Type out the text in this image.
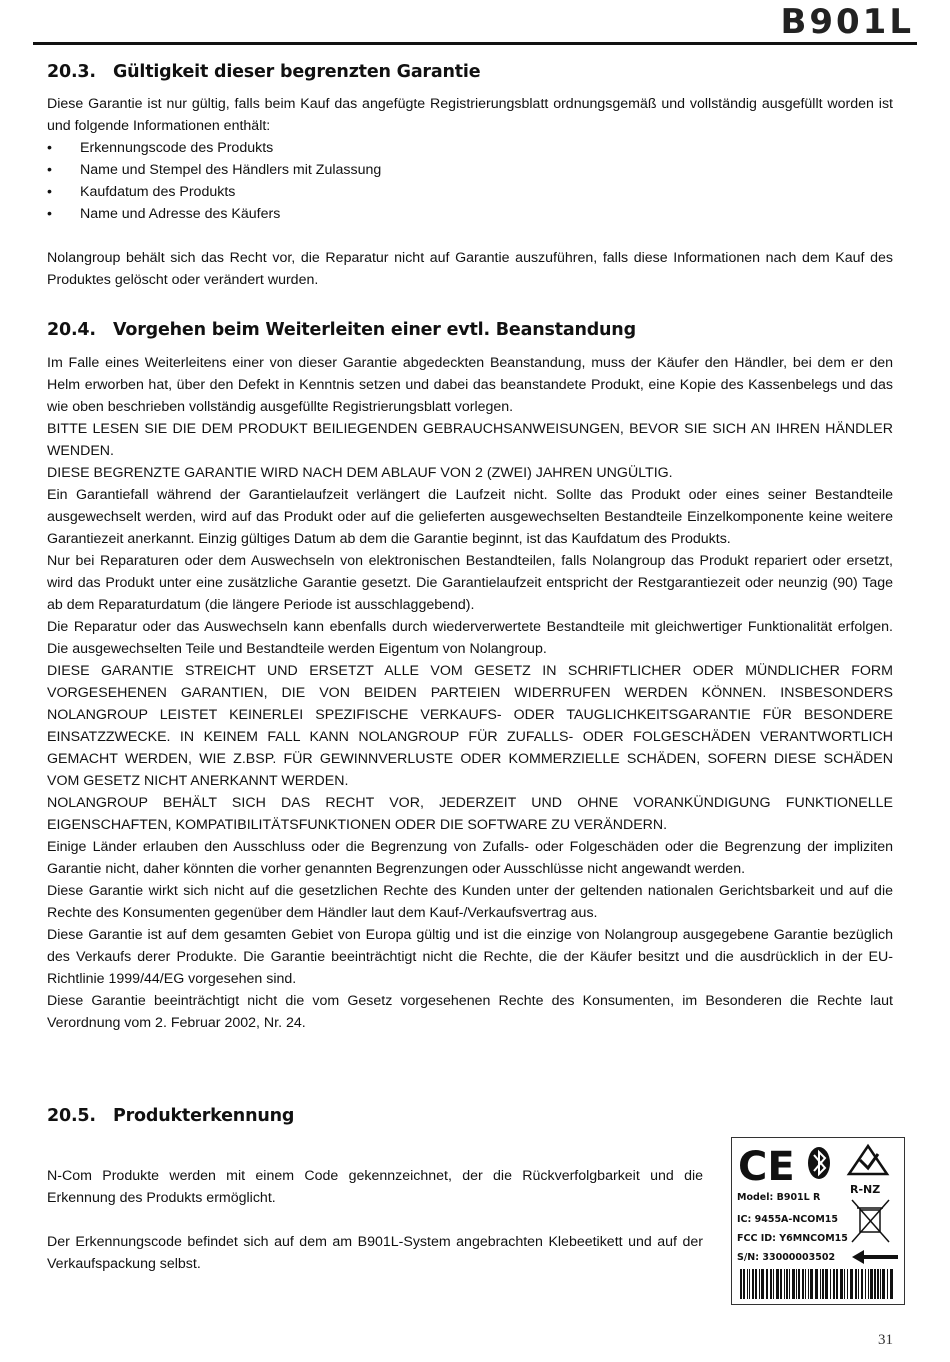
B901L
20.3. Gültigkeit dieser begrenzten Garantie

Diese Garantie ist nur gültig, falls beim Kauf das angefügte Registrierungsblatt ordnungsgemäß und vollständig ausgefüllt worden ist und folgende Informationen enthält:

• Erkennungscode des Produkts
• Name und Stempel des Händlers mit Zulassung
• Kaufdatum des Produkts
• Name und Adresse des Käufers

Nolangroup behält sich das Recht vor, die Reparatur nicht auf Garantie auszuführen, falls diese Informationen nach dem Kauf des Produktes gelöscht oder verändert wurden.

20.4. Vorgehen beim Weiterleiten einer evtl. Beanstandung
Im Falle eines Weiterleitens einer von dieser Garantie abgedeckten Beanstandung, muss der Käufer den Händler, bei dem er den Helm erworben hat, über den Defekt in Kenntnis setzen und dabei das beanstandete Produkt, eine Kopie des Kassenbelegs und das wie oben beschrieben vollständig ausgefüllte Registrierungsblatt vorlegen.
BITTE LESEN SIE DIE DEM PRODUKT BEILIEGENDEN GEBRAUCHSANWEISUNGEN, BEVOR SIE SICH AN IHREN HÄNDLER WENDEN.
DIESE BEGRENZTE GARANTIE WIRD NACH DEM ABLAUF VON 2 (ZWEI) JAHREN UNGÜLTIG.
Ein Garantiefall während der Garantielaufzeit verlängert die Laufzeit nicht. Sollte das Produkt oder eines seiner Bestandteile ausgewechselt werden, wird auf das Produkt oder auf die gelieferten ausgewechselten Bestandteile Einzelkomponente keine weitere Garantiezeit anerkannt. Einzig gültiges Datum ab dem die Garantie beginnt, ist das Kaufdatum des Produkts.
Nur bei Reparaturen oder dem Auswechseln von elektronischen Bestandteilen, falls Nolangroup das Produkt repariert oder ersetzt, wird das Produkt unter eine zusätzliche Garantie gesetzt. Die Garantielaufzeit entspricht der Restgarantiezeit oder neunzig (90) Tage ab dem Reparaturdatum (die längere Periode ist ausschlaggebend).
Die Reparatur oder das Auswechseln kann ebenfalls durch wiederverwertete Bestandteile mit gleichwertiger Funktionalität erfolgen. Die ausgewechselten Teile und Bestandteile werden Eigentum von Nolangroup.
DIESE GARANTIE STREICHT UND ERSETZT ALLE VOM GESETZ IN SCHRIFTLICHER ODER MÜNDLICHER FORM VORGESEHENEN GARANTIEN, DIE VON BEIDEN PARTEIEN WIDERRUFEN WERDEN KÖNNEN. INSBESONDERS NOLANGROUP LEISTET KEINERLEI SPEZIFISCHE VERKAUFS- ODER TAUGLICHKEITSGARANTIE FÜR BESONDERE EINSATZZWECKE. IN KEINEM FALL KANN NOLANGROUP FÜR ZUFALLS- ODER FOLGESCHÄDEN VERANTWORTLICH GEMACHT WERDEN, WIE Z.BSP. FÜR GEWINNVERLUSTE ODER KOMMERZIELLE SCHÄDEN, SOFERN DIESE SCHÄDEN VOM GESETZ NICHT ANERKANNT WERDEN.
NOLANGROUP BEHÄLT SICH DAS RECHT VOR, JEDERZEIT UND OHNE VORANKÜNDIGUNG FUNKTIONELLE EIGENSCHAFTEN, KOMPATIBILITÄTSFUNKTIONEN ODER DIE SOFTWARE ZU VERÄNDERN.
Einige Länder erlauben den Ausschluss oder die Begrenzung von Zufalls- oder Folgeschäden oder die Begrenzung der impliziten Garantie nicht, daher könnten die vorher genannten Begrenzungen oder Ausschlüsse nicht angewandt werden.
Diese Garantie wirkt sich nicht auf die gesetzlichen Rechte des Kunden unter der geltenden nationalen Gerichtsbarkeit und auf die Rechte des Konsumenten gegenüber dem Händler laut dem Kauf-/Verkaufsvertrag aus.
Diese Garantie ist auf dem gesamten Gebiet von Europa gültig und ist die einzige von Nolangroup ausgegebene Garantie bezüglich des Verkaufs derer Produkte. Die Garantie beeinträchtigt nicht die Rechte, die der Käufer besitzt und die ausdrücklich in der EU-Richtlinie 1999/44/EG vorgesehen sind.
Diese Garantie beeinträchtigt nicht die vom Gesetz vorgesehenen Rechte des Konsumenten, im Besonderen die Rechte laut Verordnung vom 2. Februar 2002, Nr. 24.
20.5. Produkterkennung

N-Com Produkte werden mit einem Code gekennzeichnet, der die Rückverfolgbarkeit und die Erkennung des Produkts ermöglicht.

Der Erkennungscode befindet sich auf dem am B901L-System angebrachten Klebeetikett und auf der Verkaufspackung selbst.

CE	R-NZ
Model: B901L R
IC: 9455A-NCOM15
FCC ID: Y6MNCOM15
S/N: 33000003502
31
